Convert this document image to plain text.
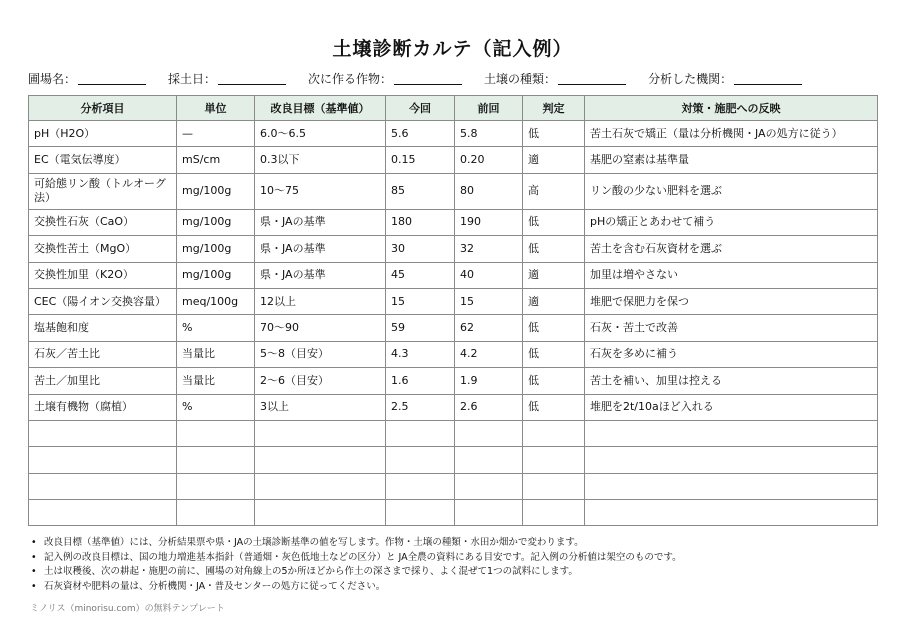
土壌診断カルテ（記入例）
圃場名：	採土日：	次に作る作物：	土壌の種類：	分析した機関：
分析項目	単位	改良目標（基準値）	今回	前回	判定	対策・施肥への反映
pH（H2O）	—	6.0〜6.5	5.6	5.8	低	苦土石灰で矯正（量は分析機関・JAの処方に従う）
EC（電気伝導度）	mS/cm	0.3以下	0.15	0.20	適	基肥の窒素は基準量
可給態リン酸（トルオーグ法）	mg/100g	10〜75	85	80	高	リン酸の少ない肥料を選ぶ
交換性石灰（CaO）	mg/100g	県・JAの基準	180	190	低	pHの矯正とあわせて補う
交換性苦土（MgO）	mg/100g	県・JAの基準	30	32	低	苦土を含む石灰資材を選ぶ
交換性加里（K2O）	mg/100g	県・JAの基準	45	40	適	加里は増やさない
CEC（陽イオン交換容量）	meq/100g	12以上	15	15	適	堆肥で保肥力を保つ
塩基飽和度	%	70〜90	59	62	低	石灰・苦土で改善
石灰／苦土比	当量比	5〜8（目安）	4.3	4.2	低	石灰を多めに補う
苦土／加里比	当量比	2〜6（目安）	1.6	1.9	低	苦土を補い、加里は控える
土壌有機物（腐植）	%	3以上	2.5	2.6	低	堆肥を2t/10aほど入れる

• 改良目標（基準値）には、分析結果票や県・JAの土壌診断基準の値を写します。作物・土壌の種類・水田か畑かで変わります。
• 記入例の改良目標は、国の地力増進基本指針（普通畑・灰色低地土などの区分）と JA全農の資料にある目安です。記入例の分析値は架空のものです。
• 土は収穫後、次の耕起・施肥の前に、圃場の対角線上の5か所ほどから作土の深さまで採り、よく混ぜて1つの試料にします。
• 石灰資材や肥料の量は、分析機関・JA・普及センターの処方に従ってください。
ミノリス（minorisu.com）の無料テンプレート
